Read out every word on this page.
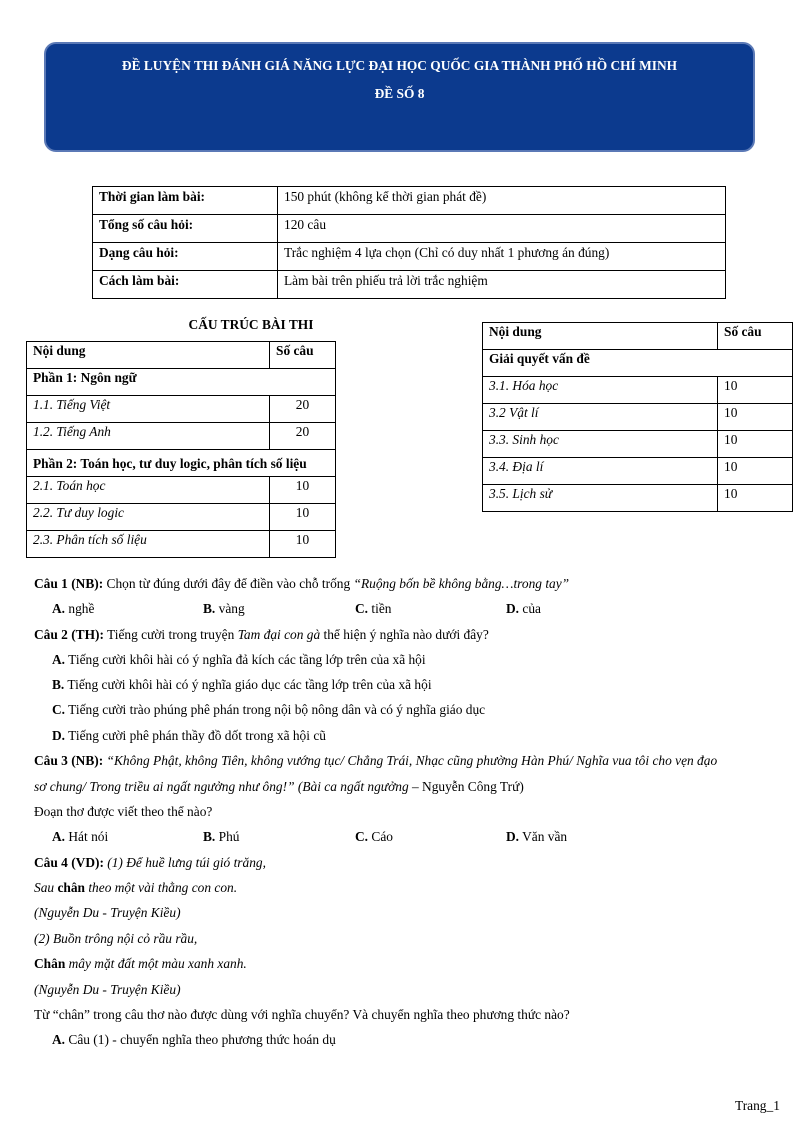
ĐỀ LUYỆN THI ĐÁNH GIÁ NĂNG LỰC ĐẠI HỌC QUỐC GIA THÀNH PHỐ HỒ CHÍ MINH
ĐỀ SỐ 8
Thời gian làm bài:	150 phút (không kể thời gian phát đề)
Tổng số câu hỏi:	120 câu
Dạng câu hỏi:	Trắc nghiệm 4 lựa chọn (Chỉ có duy nhất 1 phương án đúng)
Cách làm bài:	Làm bài trên phiếu trả lời trắc nghiệm
CẤU TRÚC BÀI THI
Nội dung	Số câu
Phần 1: Ngôn ngữ	
1.1. Tiếng Việt	20
1.2. Tiếng Anh	20
Phần 2: Toán học, tư duy logic, phân tích số liệu	
2.1. Toán học	10
2.2. Tư duy logic	10
2.3. Phân tích số liệu	10
Nội dung	Số câu
Giải quyết vấn đề	
3.1. Hóa học	10
3.2 Vật lí	10
3.3. Sinh học	10
3.4. Địa lí	10
3.5. Lịch sử	10
Câu 1 (NB): Chọn từ đúng dưới đây để điền vào chỗ trống “Ruộng bốn bề không bằng…trong tay”
A. nghề	B. vàng	C. tiền	D. của
Câu 2 (TH): Tiếng cười trong truyện Tam đại con gà thể hiện ý nghĩa nào dưới đây?
A. Tiếng cười khôi hài có ý nghĩa đả kích các tầng lớp trên của xã hội
B. Tiếng cười khôi hài có ý nghĩa giáo dục các tầng lớp trên của xã hội
C. Tiếng cười trào phúng phê phán trong nội bộ nông dân và có ý nghĩa giáo dục
D. Tiếng cười phê phán thầy đồ dốt trong xã hội cũ
Câu 3 (NB): “Không Phật, không Tiên, không vướng tục/ Chẳng Trái, Nhạc cũng phường Hàn Phú/ Nghĩa vua tôi cho vẹn đạo
sơ chung/ Trong triều ai ngất ngưởng như ông!” (Bài ca ngất ngưởng – Nguyễn Công Trứ)
Đoạn thơ được viết theo thể nào?
A. Hát nói	B. Phú	C. Cáo	D. Văn vần
Câu 4 (VD): (1) Để huề lưng túi gió trăng,
Sau chân theo một vài thằng con con.
(Nguyễn Du - Truyện Kiều)
(2) Buồn trông nội cỏ rầu rầu,
Chân mây mặt đất một màu xanh xanh.
(Nguyễn Du - Truyện Kiều)
Từ “chân” trong câu thơ nào được dùng với nghĩa chuyển? Và chuyển nghĩa theo phương thức nào?
A. Câu (1) - chuyển nghĩa theo phương thức hoán dụ
Trang_1
